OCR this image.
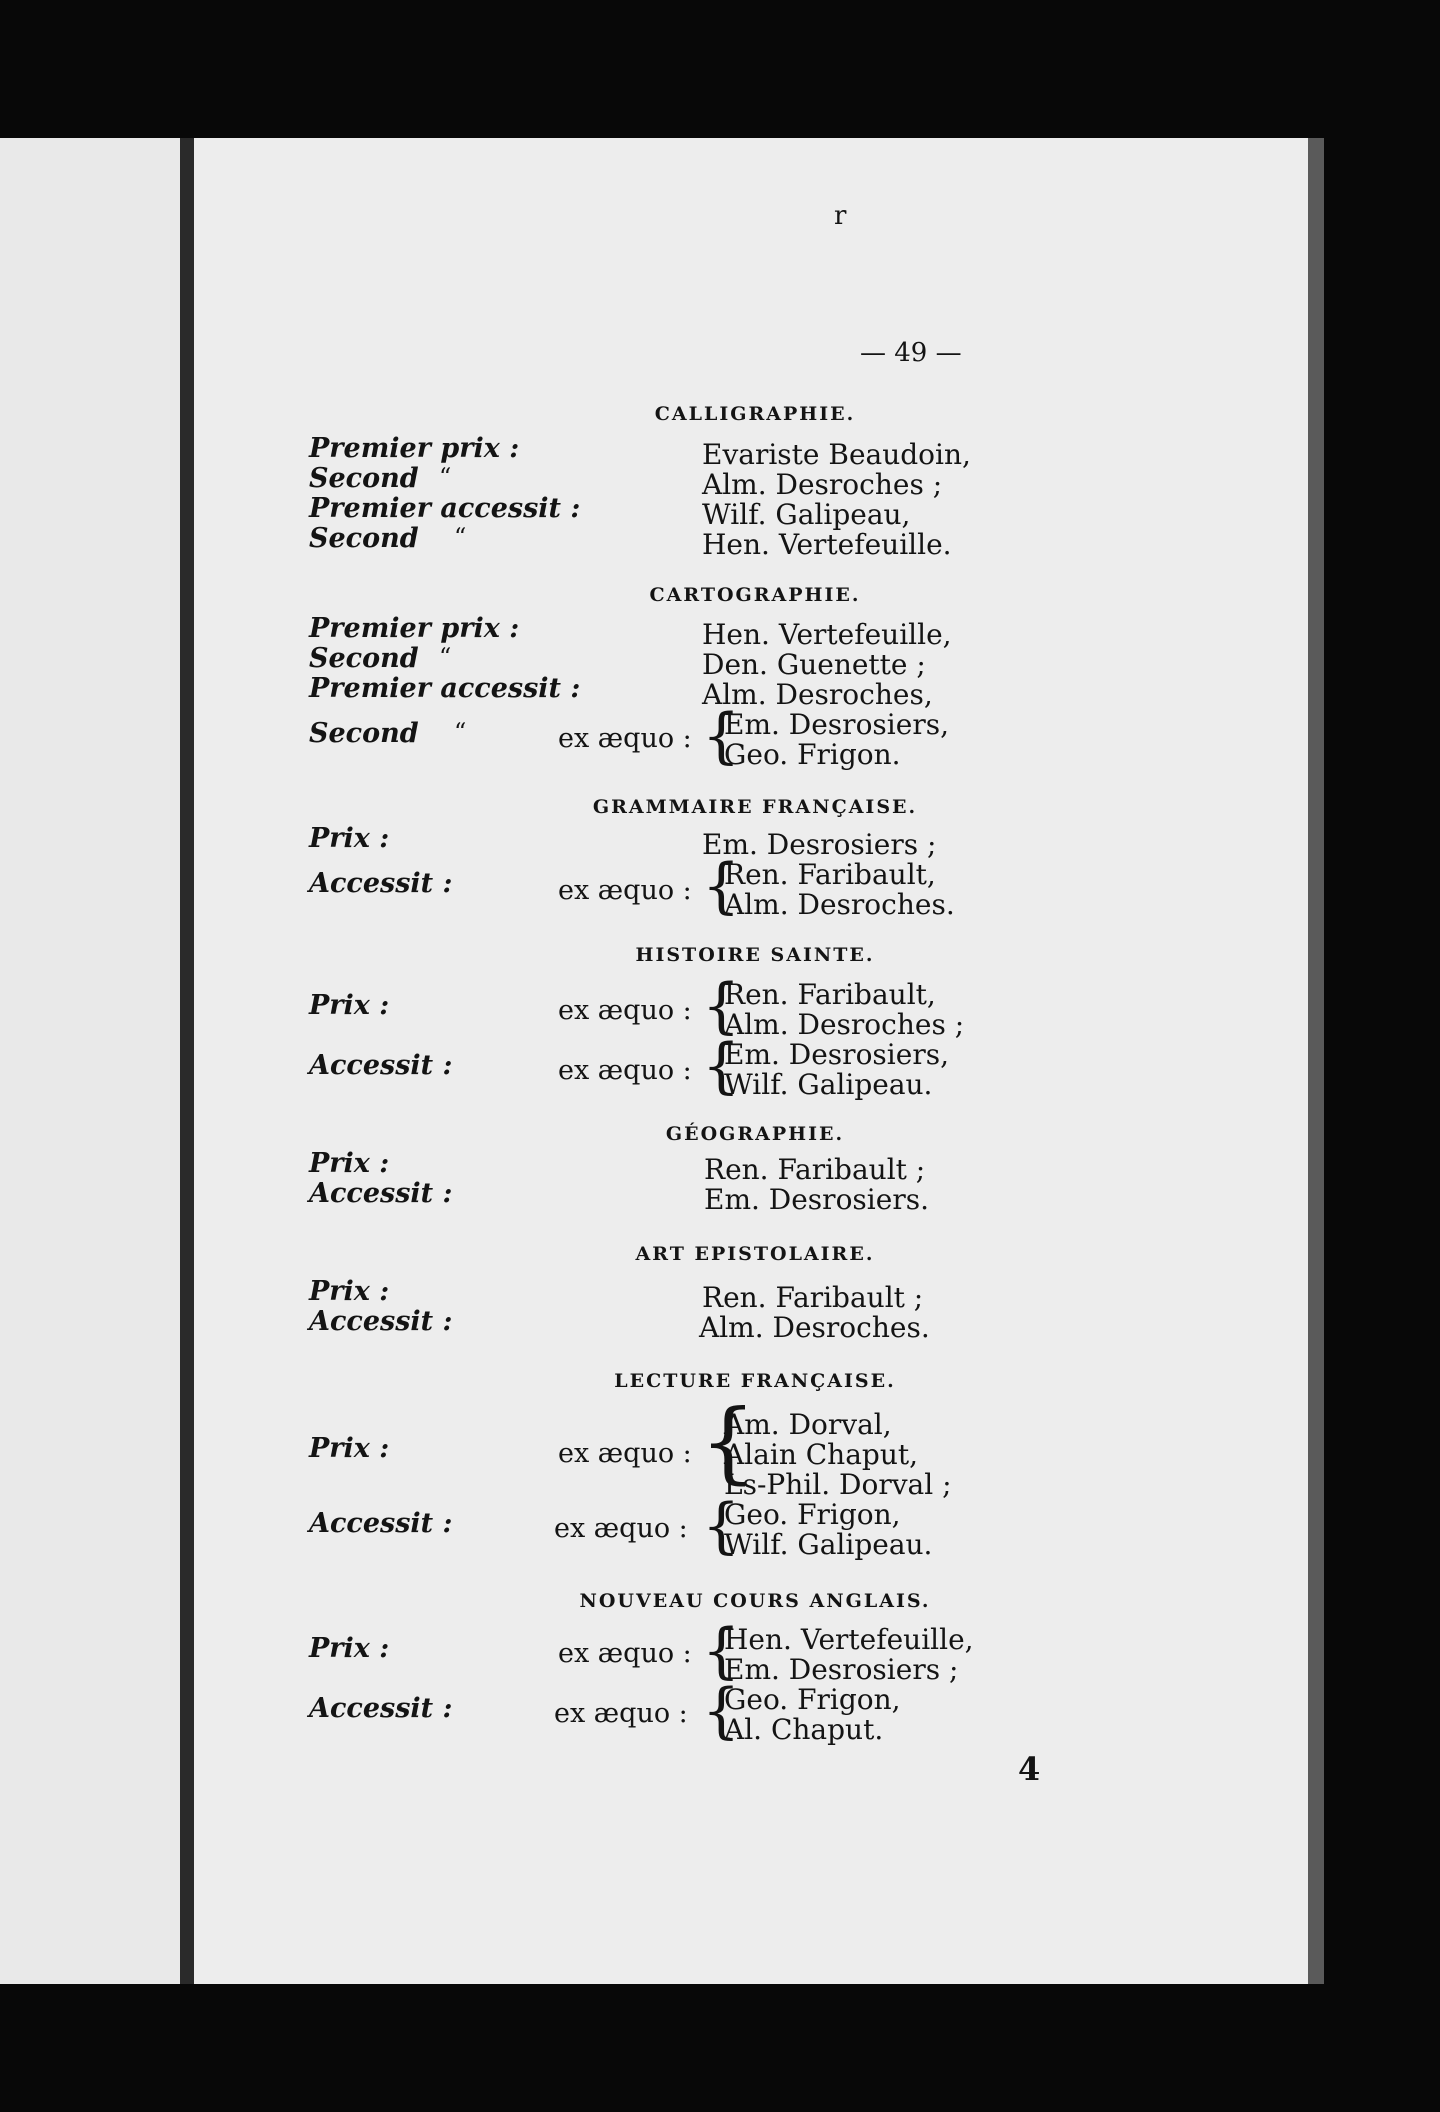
r
— 49 —
CALLIGRAPHIE.
Premier prix :	Evariste Beaudoin,
Second “	Alm. Desroches ;
Premier accessit :	Wilf. Galipeau,
Second “	Hen. Vertefeuille.
CARTOGRAPHIE.
Premier prix :	Hen. Vertefeuille,
Second “	Den. Guenette ;
Premier accessit :	Alm. Desroches,
Second “	ex æquo : {
Em. Desrosiers,
Geo. Frigon.
GRAMMAIRE FRANÇAISE.
Prix :	Em. Desrosiers ;
Accessit :	ex æquo : {
Ren. Faribault,
Alm. Desroches.
HISTOIRE SAINTE.
Prix :	ex æquo : {
Ren. Faribault,
Alm. Desroches ;
Accessit :	ex æquo : {
Em. Desrosiers,
Wilf. Galipeau.
GÉOGRAPHIE.
Prix :	Ren. Faribault ;
Accessit :	Em. Desrosiers.
ART EPISTOLAIRE.
Prix :	Ren. Faribault ;
Accessit :	Alm. Desroches.
LECTURE FRANÇAISE.
Prix :	ex æquo : {
Am. Dorval,
Alain Chaput,
Ls-Phil. Dorval ;
Accessit :	ex æquo : {
Geo. Frigon,
Wilf. Galipeau.
NOUVEAU COURS ANGLAIS.
Prix :	ex æquo : {
Hen. Vertefeuille,
Em. Desrosiers ;
Accessit :	ex æquo : {
Geo. Frigon,
Al. Chaput.
4
